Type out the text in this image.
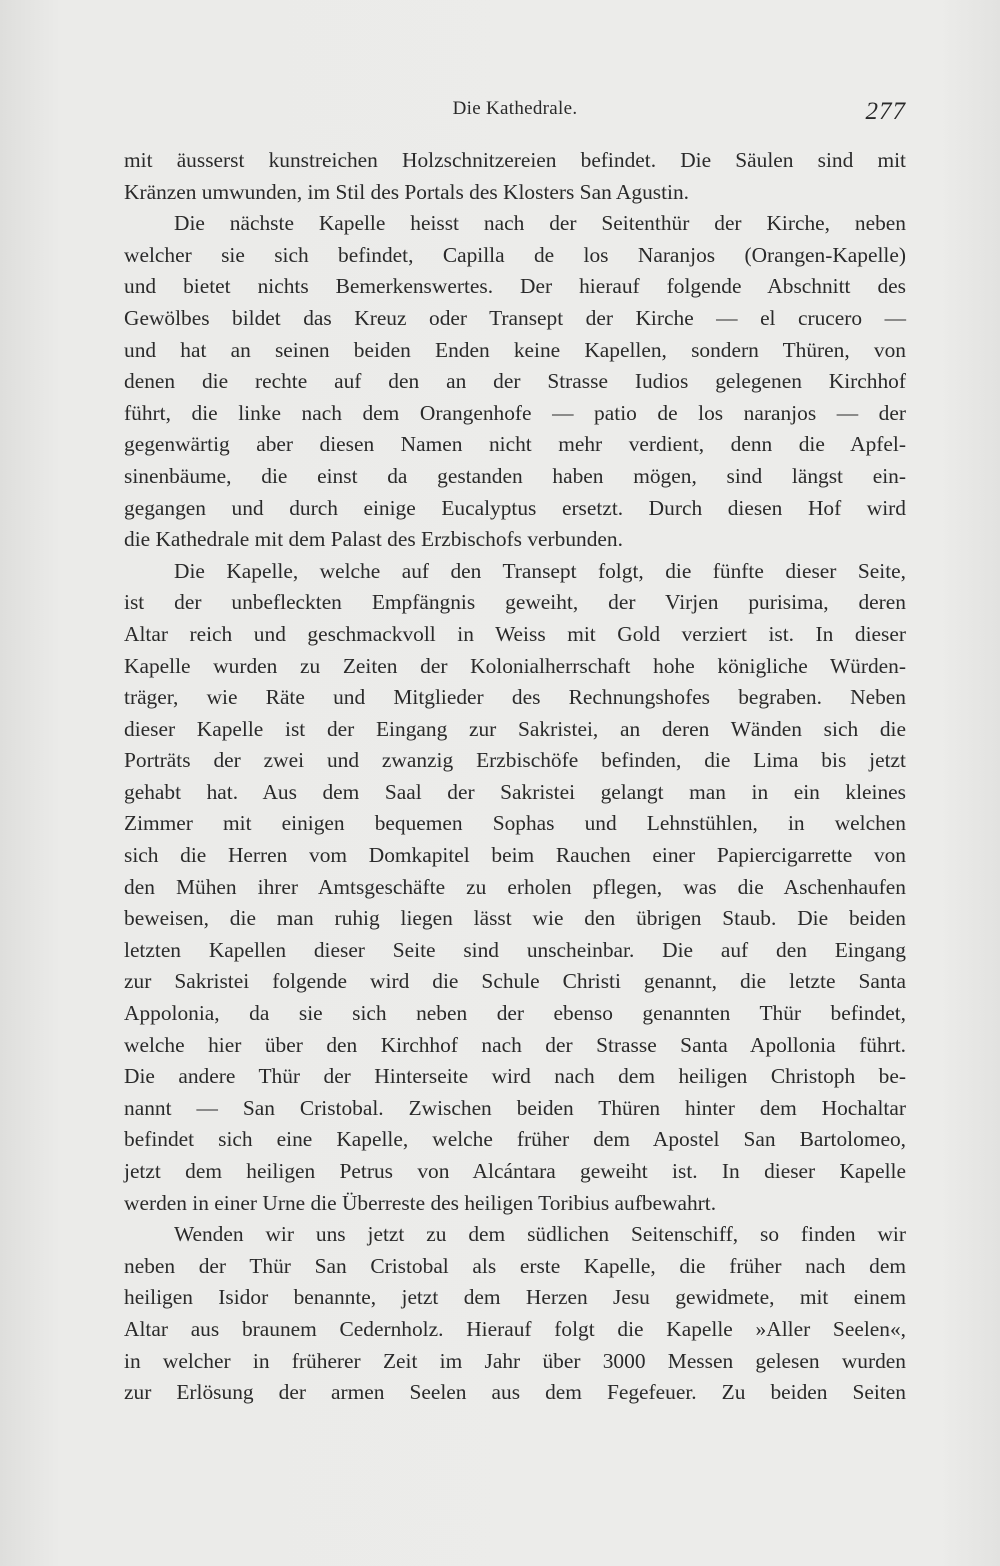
Die Kathedrale.	277
mit äusserst kunstreichen Holzschnitzereien befindet. Die Säulen sind mit
Kränzen umwunden, im Stil des Portals des Klosters San Agustin.
Die nächste Kapelle heisst nach der Seitenthür der Kirche, neben
welcher sie sich befindet, Capilla de los Naranjos (Orangen-Kapelle)
und bietet nichts Bemerkenswertes. Der hierauf folgende Abschnitt des
Gewölbes bildet das Kreuz oder Transept der Kirche — el crucero —
und hat an seinen beiden Enden keine Kapellen, sondern Thüren, von
denen die rechte auf den an der Strasse Iudios gelegenen Kirchhof
führt, die linke nach dem Orangenhofe — patio de los naranjos — der
gegenwärtig aber diesen Namen nicht mehr verdient, denn die Apfel-
sinenbäume, die einst da gestanden haben mögen, sind längst ein-
gegangen und durch einige Eucalyptus ersetzt. Durch diesen Hof wird
die Kathedrale mit dem Palast des Erzbischofs verbunden.
Die Kapelle, welche auf den Transept folgt, die fünfte dieser Seite,
ist der unbefleckten Empfängnis geweiht, der Virjen purisima, deren
Altar reich und geschmackvoll in Weiss mit Gold verziert ist. In dieser
Kapelle wurden zu Zeiten der Kolonialherrschaft hohe königliche Würden-
träger, wie Räte und Mitglieder des Rechnungshofes begraben. Neben
dieser Kapelle ist der Eingang zur Sakristei, an deren Wänden sich die
Porträts der zwei und zwanzig Erzbischöfe befinden, die Lima bis jetzt
gehabt hat. Aus dem Saal der Sakristei gelangt man in ein kleines
Zimmer mit einigen bequemen Sophas und Lehnstühlen, in welchen
sich die Herren vom Domkapitel beim Rauchen einer Papiercigarrette von
den Mühen ihrer Amtsgeschäfte zu erholen pflegen, was die Aschenhaufen
beweisen, die man ruhig liegen lässt wie den übrigen Staub. Die beiden
letzten Kapellen dieser Seite sind unscheinbar. Die auf den Eingang
zur Sakristei folgende wird die Schule Christi genannt, die letzte Santa
Appolonia, da sie sich neben der ebenso genannten Thür befindet,
welche hier über den Kirchhof nach der Strasse Santa Apollonia führt.
Die andere Thür der Hinterseite wird nach dem heiligen Christoph be-
nannt — San Cristobal. Zwischen beiden Thüren hinter dem Hochaltar
befindet sich eine Kapelle, welche früher dem Apostel San Bartolomeo,
jetzt dem heiligen Petrus von Alcántara geweiht ist. In dieser Kapelle
werden in einer Urne die Überreste des heiligen Toribius aufbewahrt.
Wenden wir uns jetzt zu dem südlichen Seitenschiff, so finden wir
neben der Thür San Cristobal als erste Kapelle, die früher nach dem
heiligen Isidor benannte, jetzt dem Herzen Jesu gewidmete, mit einem
Altar aus braunem Cedernholz. Hierauf folgt die Kapelle »Aller Seelen«,
in welcher in früherer Zeit im Jahr über 3000 Messen gelesen wurden
zur Erlösung der armen Seelen aus dem Fegefeuer. Zu beiden Seiten
